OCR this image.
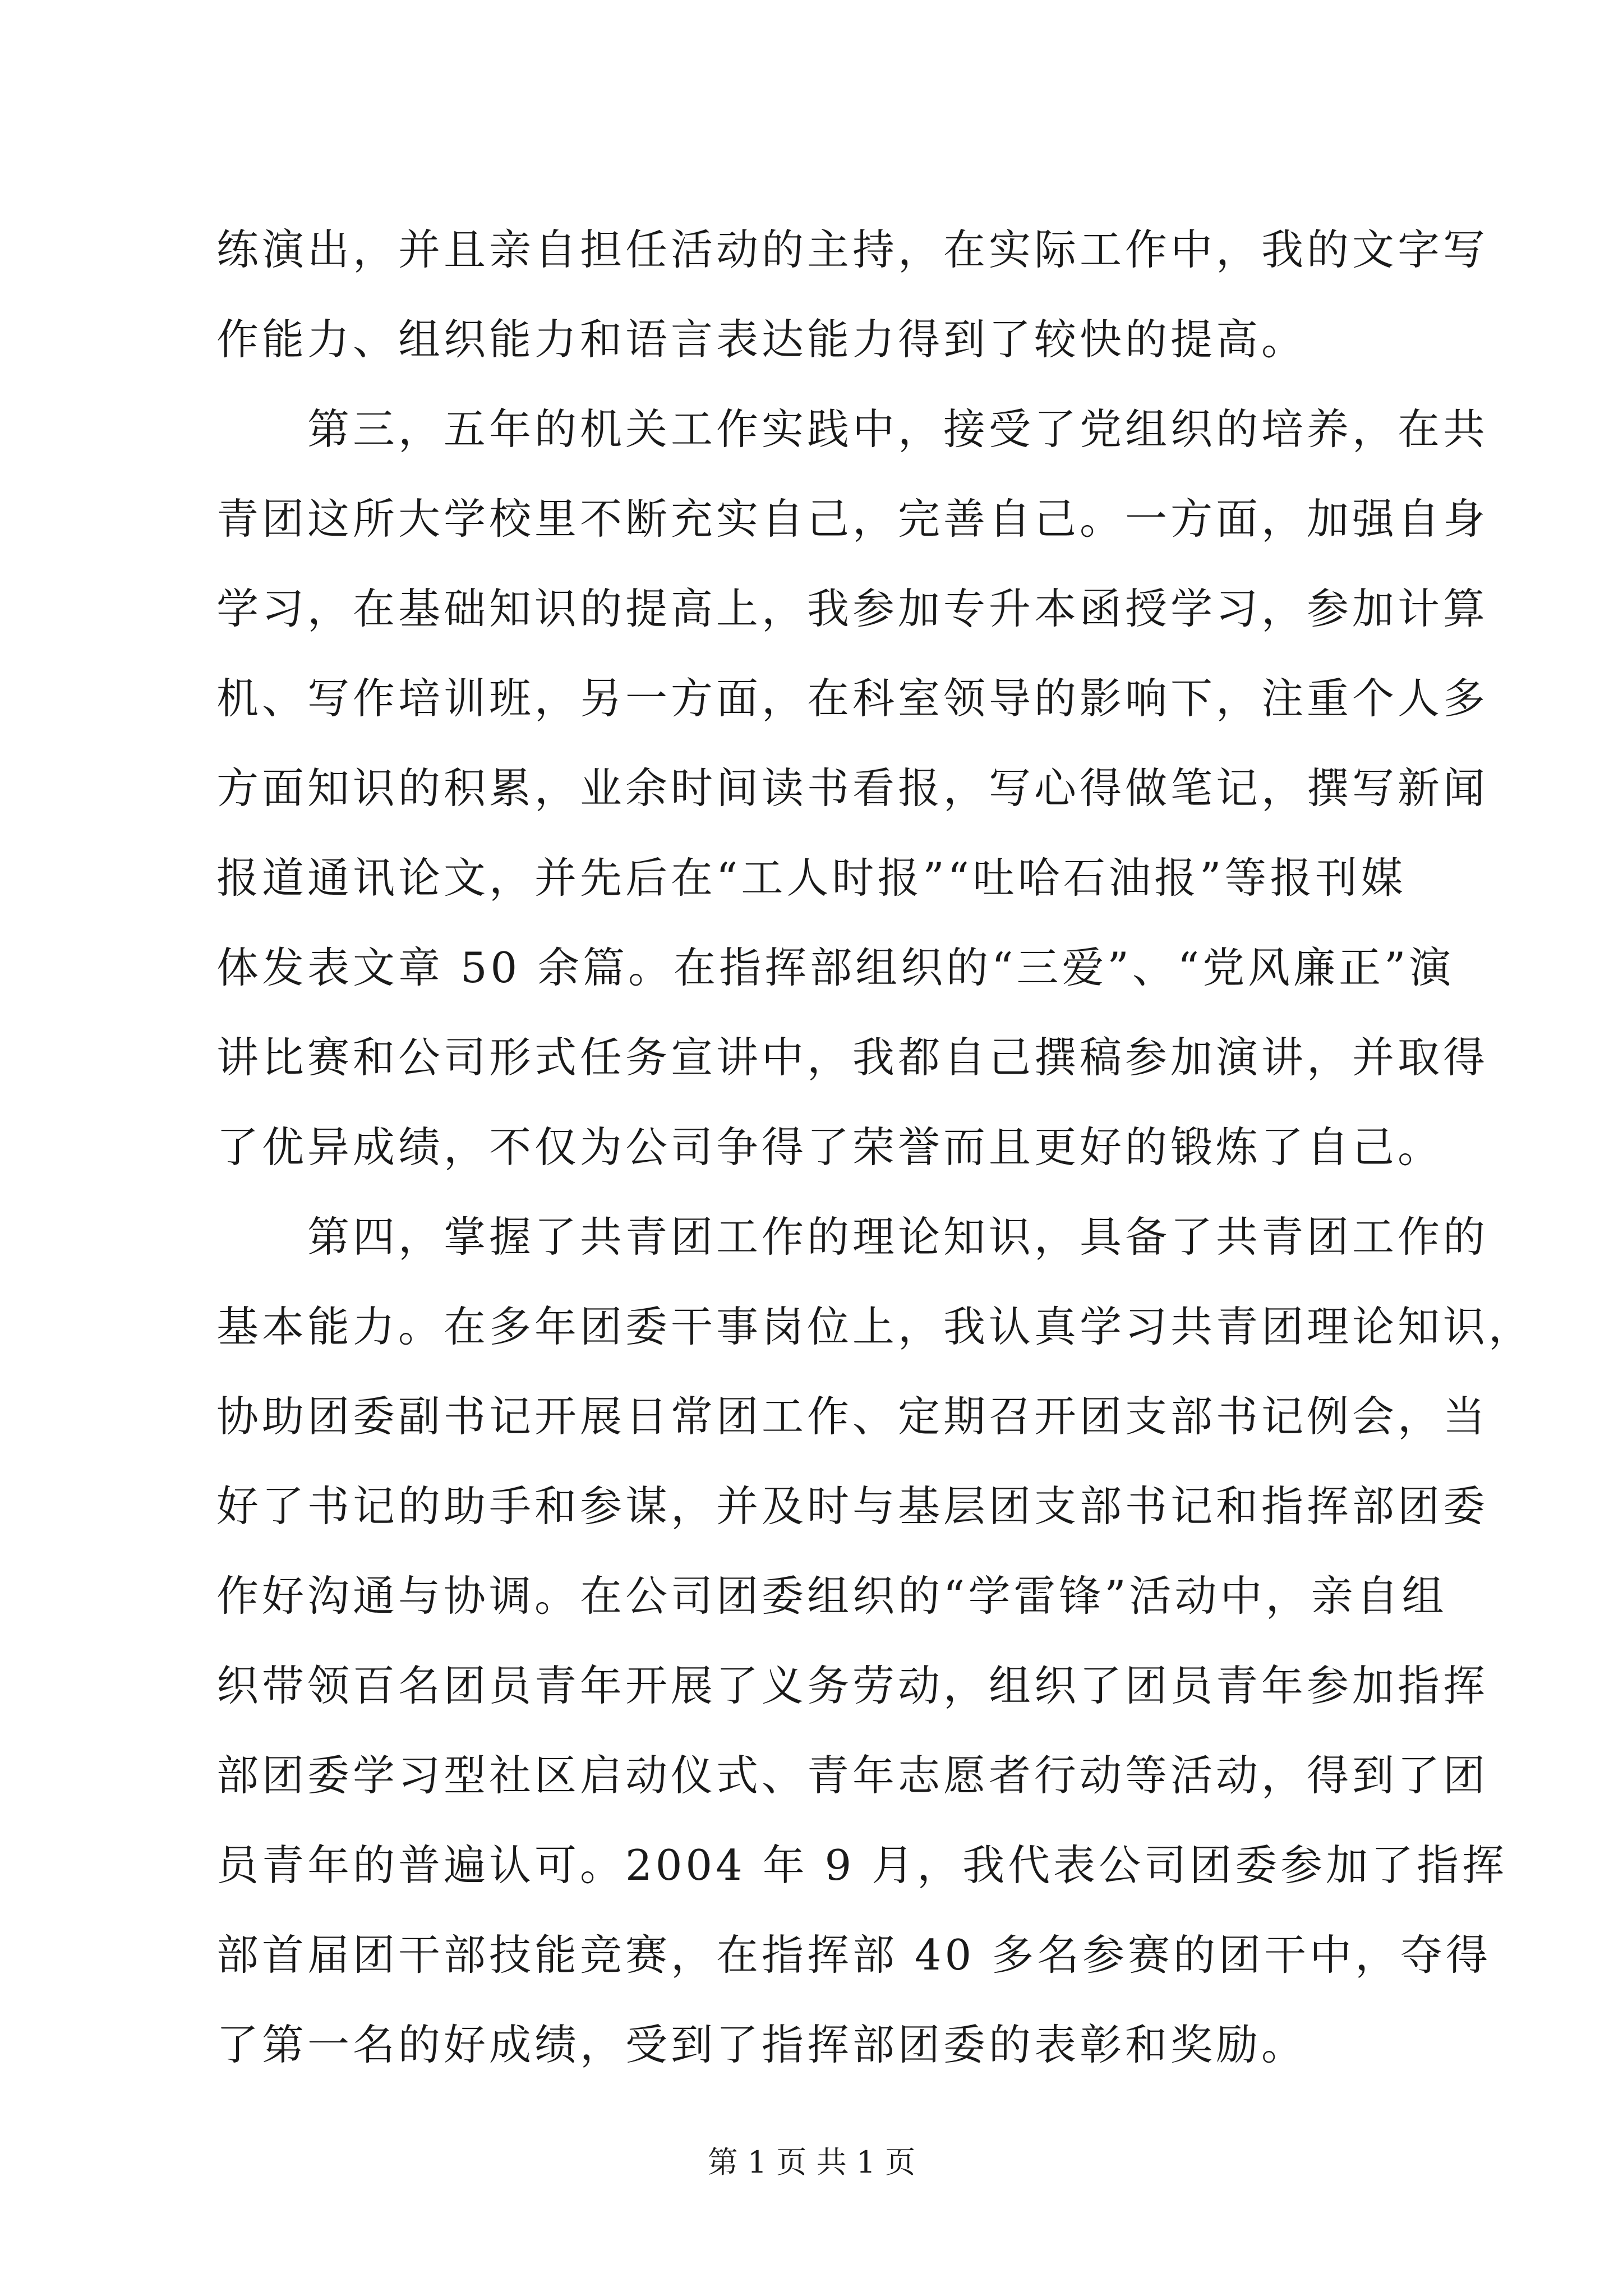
练演出，并且亲自担任活动的主持，在实际工作中，我的文字写

作能力、组织能力和语言表达能力得到了较快的提高。

　　第三，五年的机关工作实践中，接受了党组织的培养，在共

青团这所大学校里不断充实自己，完善自己。一方面，加强自身

学习，在基础知识的提高上，我参加专升本函授学习，参加计算

机、写作培训班，另一方面，在科室领导的影响下，注重个人多

方面知识的积累，业余时间读书看报，写心得做笔记，撰写新闻

报道通讯论文，并先后在“工人时报”“吐哈石油报”等报刊媒

体发表文章 50 余篇。在指挥部组织的“三爱”、“党风廉正”演

讲比赛和公司形式任务宣讲中，我都自己撰稿参加演讲，并取得

了优异成绩，不仅为公司争得了荣誉而且更好的锻炼了自己。

　　第四，掌握了共青团工作的理论知识，具备了共青团工作的

基本能力。在多年团委干事岗位上，我认真学习共青团理论知识，

协助团委副书记开展日常团工作、定期召开团支部书记例会，当

好了书记的助手和参谋，并及时与基层团支部书记和指挥部团委

作好沟通与协调。在公司团委组织的“学雷锋”活动中，亲自组

织带领百名团员青年开展了义务劳动，组织了团员青年参加指挥

部团委学习型社区启动仪式、青年志愿者行动等活动，得到了团

员青年的普遍认可。2004 年 9 月，我代表公司团委参加了指挥

部首届团干部技能竞赛，在指挥部 40 多名参赛的团干中，夺得

了第一名的好成绩，受到了指挥部团委的表彰和奖励。

第 1 页 共 1 页
